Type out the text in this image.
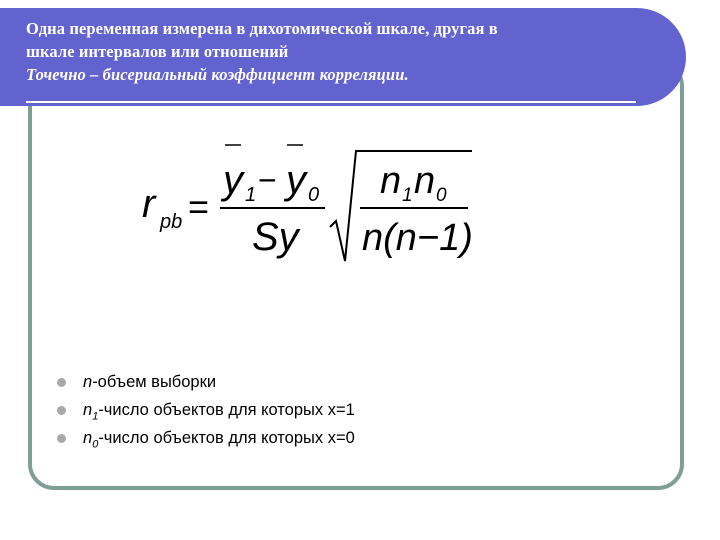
Одна переменная измерена в дихотомической шкале, другая в
шкале интервалов или отношений
Точечно – бисериальный коэффициент корреляции.
r pb =
y 1 − y 0
Sy
n 1 n 0
n(n−1)
n-объем выборки
$n_1$-число объектов для которых х=1
$n_0$-число объектов для которых х=0
